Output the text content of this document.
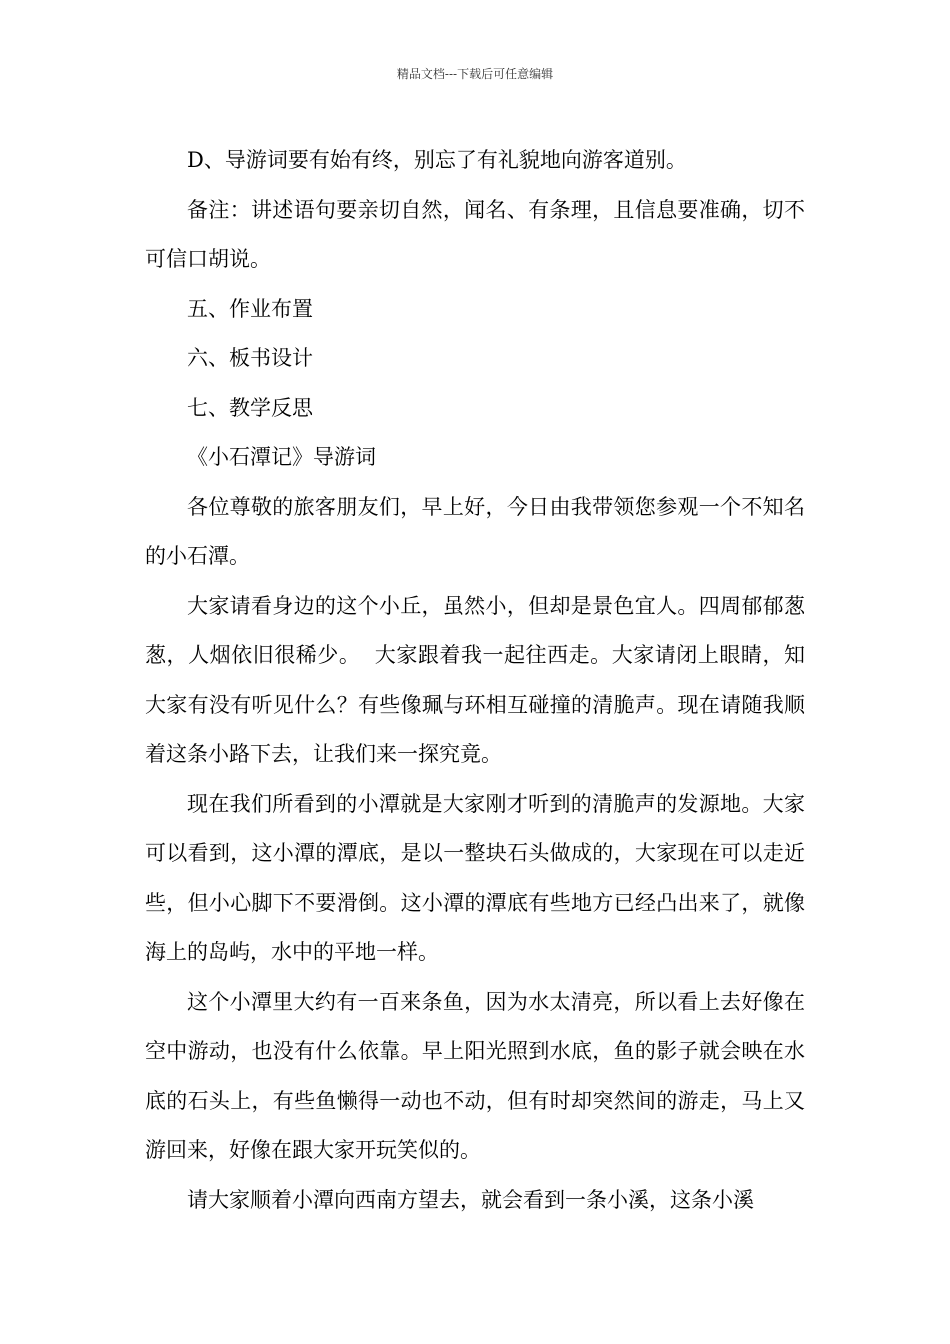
精品文档---下载后可任意编辑

D、导游词要有始有终，别忘了有礼貌地向游客道别。

备注：讲述语句要亲切自然，闻名、有条理，且信息要准确，切不可信口胡说。

五、作业布置

六、板书设计

七、教学反思

《小石潭记》导游词

各位尊敬的旅客朋友们，早上好，今日由我带领您参观一个不知名的小石潭。

大家请看身边的这个小丘，虽然小，但却是景色宜人。四周郁郁葱葱，人烟依旧很稀少。  大家跟着我一起往西走。大家请闭上眼睛，知大家有没有听见什么？有些像珮与环相互碰撞的清脆声。现在请随我顺着这条小路下去，让我们来一探究竟。

现在我们所看到的小潭就是大家刚才听到的清脆声的发源地。大家可以看到，这小潭的潭底，是以一整块石头做成的，大家现在可以走近些，但小心脚下不要滑倒。这小潭的潭底有些地方已经凸出来了，就像海上的岛屿，水中的平地一样。

这个小潭里大约有一百来条鱼，因为水太清亮，所以看上去好像在空中游动，也没有什么依靠。早上阳光照到水底，鱼的影子就会映在水底的石头上，有些鱼懒得一动也不动，但有时却突然间的游走，马上又游回来，好像在跟大家开玩笑似的。

请大家顺着小潭向西南方望去，就会看到一条小溪，这条小溪
